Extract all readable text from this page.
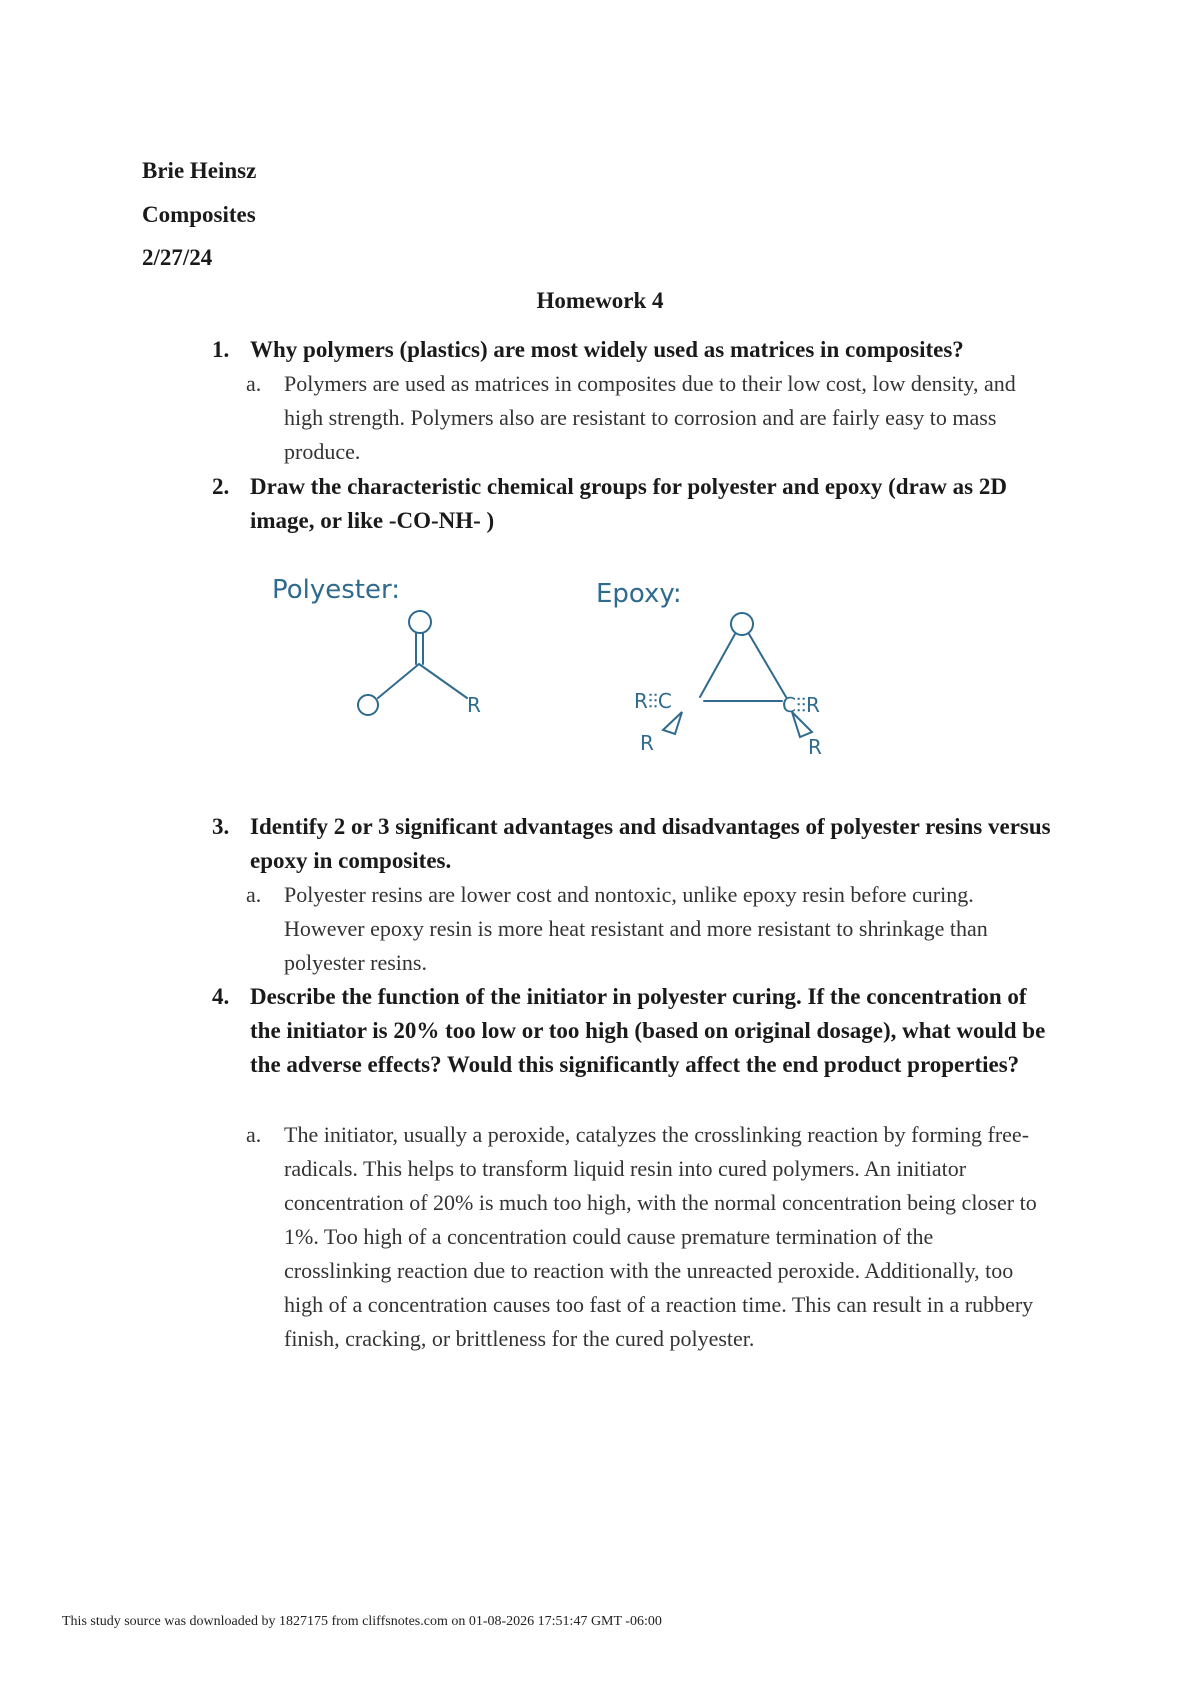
Brie Heinsz
Composites
2/27/24
Homework 4
1. Why polymers (plastics) are most widely used as matrices in composites?
a. Polymers are used as matrices in composites due to their low cost, low density, and high strength. Polymers also are resistant to corrosion and are fairly easy to mass produce.
2. Draw the characteristic chemical groups for polyester and epoxy (draw as 2D image, or like -CO-NH- )
Polyester:	Epoxy:
R	R⫶⫶C	C⫶⫶R
R	R
3. Identify 2 or 3 significant advantages and disadvantages of polyester resins versus epoxy in composites.
a. Polyester resins are lower cost and nontoxic, unlike epoxy resin before curing. However epoxy resin is more heat resistant and more resistant to shrinkage than polyester resins.
4. Describe the function of the initiator in polyester curing. If the concentration of the initiator is 20% too low or too high (based on original dosage), what would be the adverse effects? Would this significantly affect the end product properties?
a. The initiator, usually a peroxide, catalyzes the crosslinking reaction by forming free-radicals. This helps to transform liquid resin into cured polymers. An initiator concentration of 20% is much too high, with the normal concentration being closer to 1%. Too high of a concentration could cause premature termination of the crosslinking reaction due to reaction with the unreacted peroxide. Additionally, too high of a concentration causes too fast of a reaction time. This can result in a rubbery finish, cracking, or brittleness for the cured polyester.
This study source was downloaded by 1827175 from cliffsnotes.com on 01-08-2026 17:51:47 GMT -06:00
